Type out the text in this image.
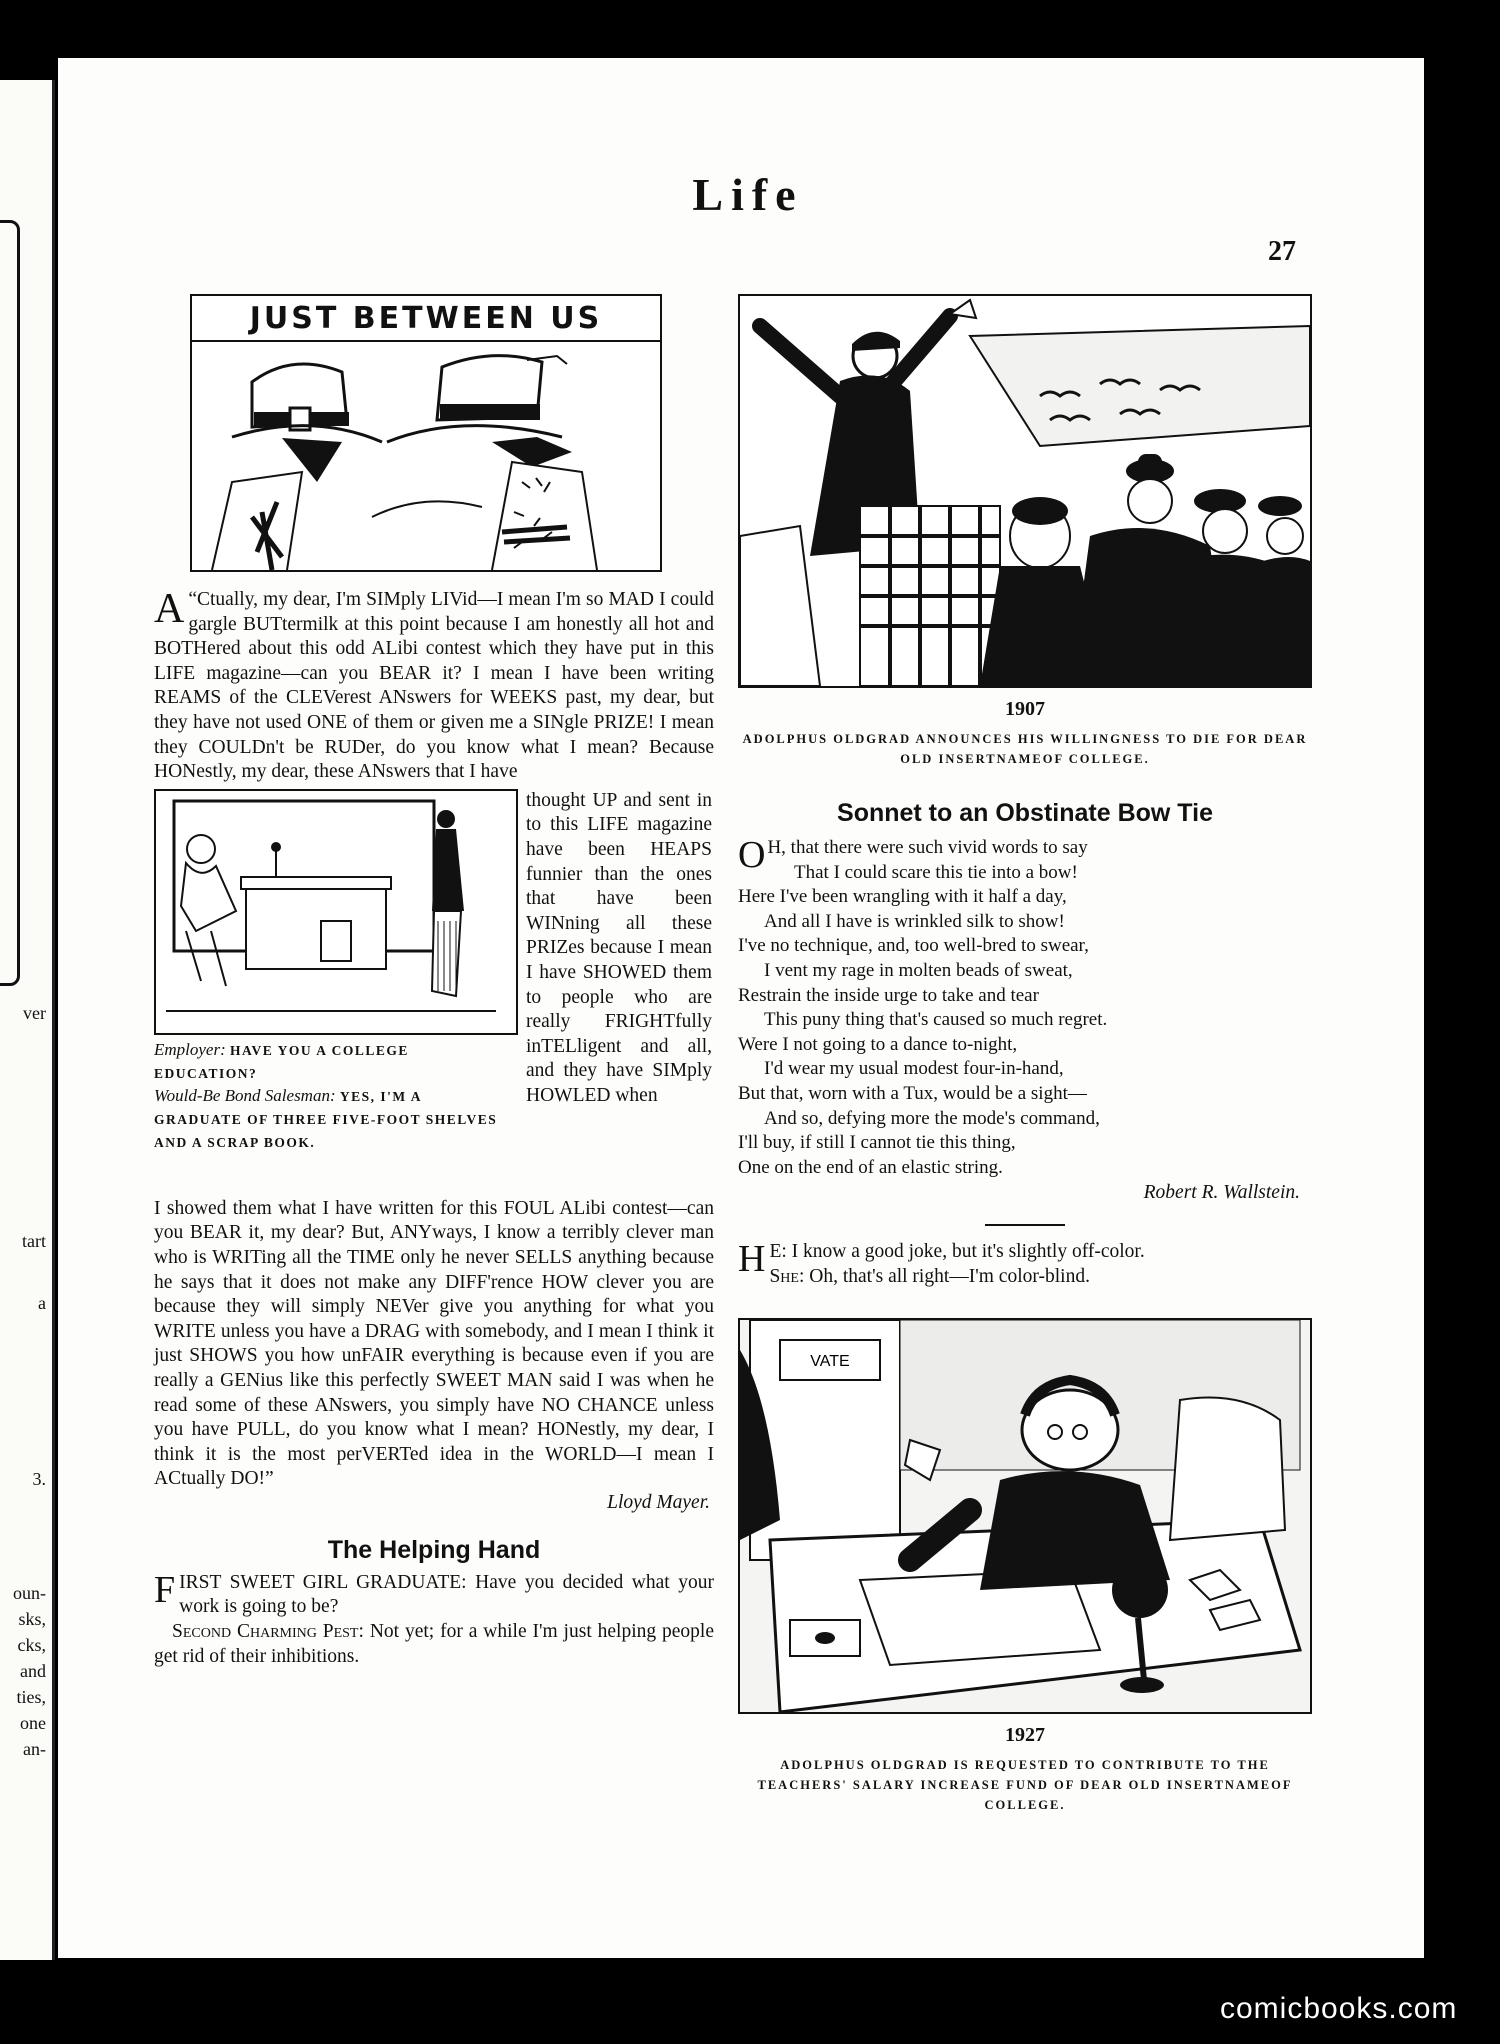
ver
tart
a
3.
oun-
sks,
cks,
and
ties,
one
an-
Life
27
JUST BETWEEN US

“
A Ctually, my dear, I'm SIMply LIVid—I mean I'm so MAD I could gargle BUTtermilk at this point because I am honestly all hot and BOTHered about this odd ALibi contest which they have put in this LIFE magazine—can you BEAR it? I mean I have been writing REAMS of the CLEVerest ANswers for WEEKS past, my dear, but they have not used ONE of them or given me a SINgle PRIZE! I mean they COULDn't be RUDer, do you know what I mean? Because HONestly, my dear, these ANswers that I have

Employer: HAVE YOU A COLLEGE EDUCATION?
Would-Be Bond Salesman: YES, I'M A GRADUATE OF THREE FIVE-FOOT SHELVES AND A SCRAP BOOK.
thought UP and sent in to this LIFE magazine have been HEAPS funnier than the ones that have been WINning all these PRIZes because I mean I have SHOWED them to people who are really FRIGHTfully inTELligent and all, and they have SIMply HOWLED when

I showed them what I have written for this FOUL ALibi contest—can you BEAR it, my dear? But, ANYways, I know a terribly clever man who is WRITing all the TIME only he never SELLS anything because he says that it does not make any DIFF'rence HOW clever you are because they will simply NEVer give you anything for what you WRITE unless you have a DRAG with somebody, and I mean I think it just SHOWS you how unFAIR everything is because even if you are really a GENius like this perfectly SWEET MAN said I was when he read some of these ANswers, you simply have NO CHANCE unless you have PULL, do you know what I mean? HONestly, my dear, I think it is the most perVERTed idea in the WORLD—I mean I ACtually DO!”

Lloyd Mayer.

The Helping Hand

FIRST SWEET GIRL GRADUATE: Have you decided what your work is going to be?

Second Charming Pest: Not yet; for a while I'm just helping people get rid of their inhibitions.

1907
ADOLPHUS OLDGRAD ANNOUNCES HIS WILLINGNESS TO DIE FOR DEAR OLD INSERTNAMEOF COLLEGE.
Sonnet to an Obstinate Bow Tie
O H, that there were such vivid words to say
That I could scare this tie into a bow!
Here I've been wrangling with it half a day,
And all I have is wrinkled silk to show!
I've no technique, and, too well-bred to swear,
I vent my rage in molten beads of sweat,
Restrain the inside urge to take and tear
This puny thing that's caused so much regret.
Were I not going to a dance to-night,
I'd wear my usual modest four-in-hand,
But that, worn with a Tux, would be a sight—
And so, defying more the mode's command,
I'll buy, if still I cannot tie this thing,
One on the end of an elastic string.
Robert R. Wallstein.
H E: I know a good joke, but it's slightly off-color.
She: Oh, that's all right—I'm color-blind.
VATE
1927
ADOLPHUS OLDGRAD IS REQUESTED TO CONTRIBUTE TO THE TEACHERS' SALARY INCREASE FUND OF DEAR OLD INSERTNAMEOF COLLEGE.
comicbooks.com
